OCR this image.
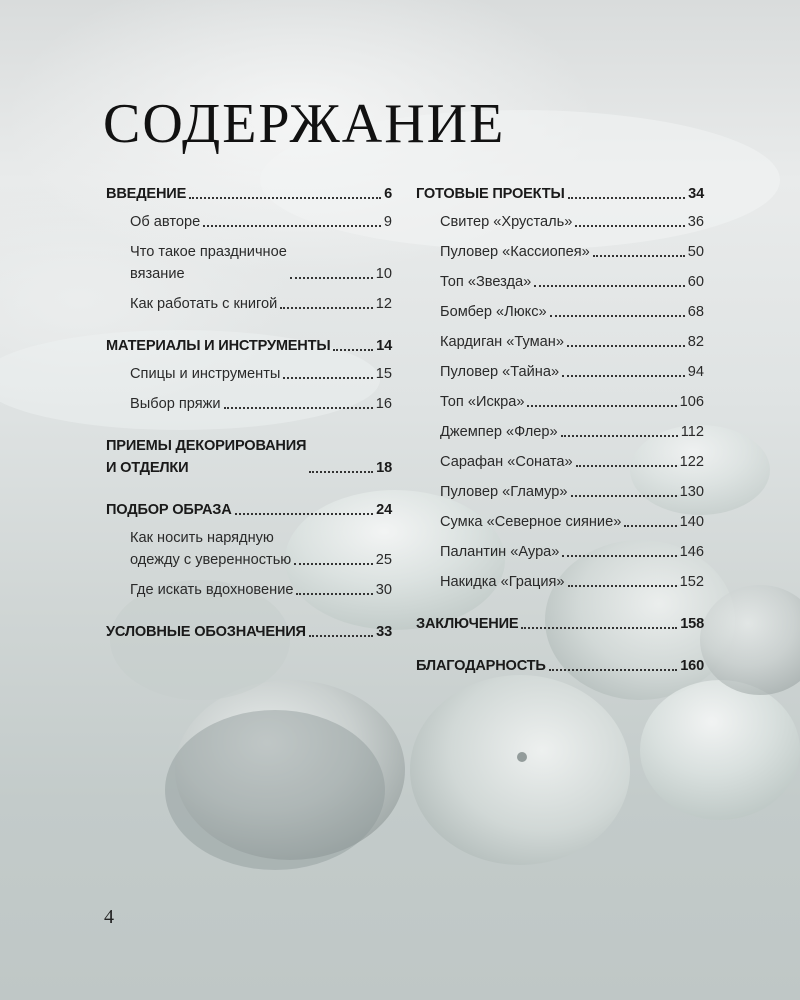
СОДЕРЖАНИЕ
ВВЕДЕНИЕ	6
Об авторе	9
Что такое праздничное
вязание	10
Как работать с книгой	12
МАТЕРИАЛЫ И ИНСТРУМЕНТЫ	14
Спицы и инструменты	15
Выбор пряжи	16
ПРИЕМЫ ДЕКОРИРОВАНИЯ
И ОТДЕЛКИ	18
ПОДБОР ОБРАЗА	24
Как носить нарядную
одежду с уверенностью	25
Где искать вдохновение	30
УСЛОВНЫЕ ОБОЗНАЧЕНИЯ	33
ГОТОВЫЕ ПРОЕКТЫ	34
Свитер «Хрусталь»	36
Пуловер «Кассиопея»	50
Топ «Звезда»	60
Бомбер «Люкс»	68
Кардиган «Туман»	82
Пуловер «Тайна»	94
Топ «Искра»	106
Джемпер «Флер»	112
Сарафан «Соната»	122
Пуловер «Гламур»	130
Сумка «Северное сияние»	140
Палантин «Аура»	146
Накидка «Грация»	152
ЗАКЛЮЧЕНИЕ	158
БЛАГОДАРНОСТЬ	160
4
